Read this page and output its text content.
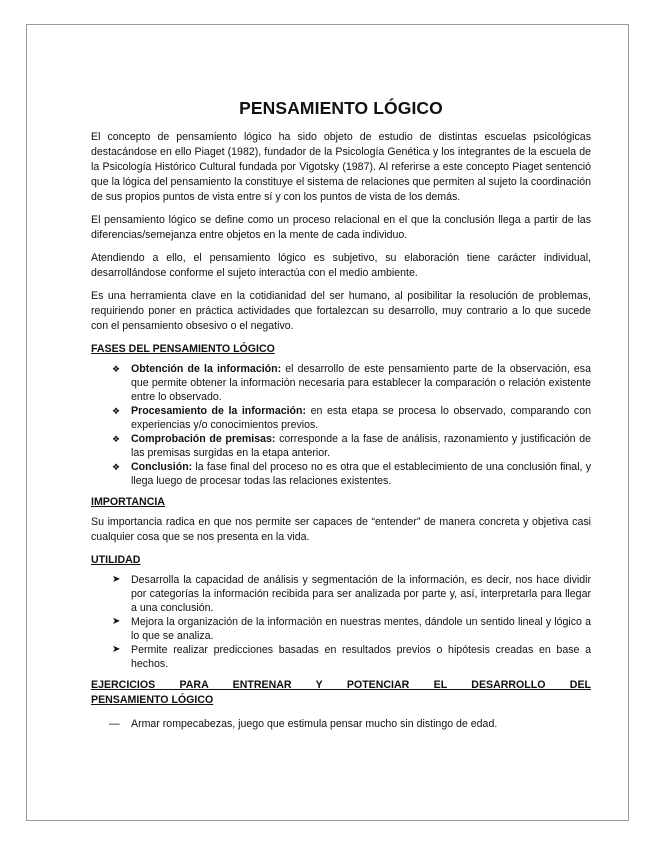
PENSAMIENTO LÓGICO

El concepto de pensamiento lógico ha sido objeto de estudio de distintas escuelas psicológicas destacándose en ello Piaget (1982), fundador de la Psicología Genética y los integrantes de la escuela de la Psicología Histórico Cultural fundada por Vigotsky (1987). Al referirse a este concepto Piaget sentenció que la lógica del pensamiento la constituye el sistema de relaciones que permiten al sujeto la coordinación de sus propios puntos de vista entre sí y con los puntos de vista de los demás.

El pensamiento lógico se define como un proceso relacional en el que la conclusión llega a partir de las diferencias/semejanza entre objetos en la mente de cada individuo.

Atendiendo a ello, el pensamiento lógico es subjetivo, su elaboración tiene carácter individual, desarrollándose conforme el sujeto interactúa con el medio ambiente.

Es una herramienta clave en la cotidianidad del ser humano, al posibilitar la resolución de problemas, requiriendo poner en práctica actividades que fortalezcan su desarrollo, muy contrario a lo que sucede con el pensamiento obsesivo o el negativo.

FASES DEL PENSAMIENTO LÓGICO
❖ Obtención de la información: el desarrollo de este pensamiento parte de la observación, esa que permite obtener la información necesaria para establecer la comparación o relación existente entre lo observado.
❖ Procesamiento de la información: en esta etapa se procesa lo observado, comparando con experiencias y/o conocimientos previos.
❖ Comprobación de premisas: corresponde a la fase de análisis, razonamiento y justificación de las premisas surgidas en la etapa anterior.
❖ Conclusión: la fase final del proceso no es otra que el establecimiento de una conclusión final, y llega luego de procesar todas las relaciones existentes.
IMPORTANCIA

Su importancia radica en que nos permite ser capaces de “entender” de manera concreta y objetiva casi cualquier cosa que se nos presenta en la vida.

UTILIDAD
➤ Desarrolla la capacidad de análisis y segmentación de la información, es decir, nos hace dividir por categorías la información recibida para ser analizada por parte y, así, interpretarla para llegar a una conclusión.
➤ Mejora la organización de la información en nuestras mentes, dándole un sentido lineal y lógico a lo que se analiza.
➤ Permite realizar predicciones basadas en resultados previos o hipótesis creadas en base a hechos.
EJERCICIOS PARA ENTRENAR Y POTENCIAR EL DESARROLLO DEL
PENSAMIENTO LÓGICO
— Armar rompecabezas, juego que estimula pensar mucho sin distingo de edad.
